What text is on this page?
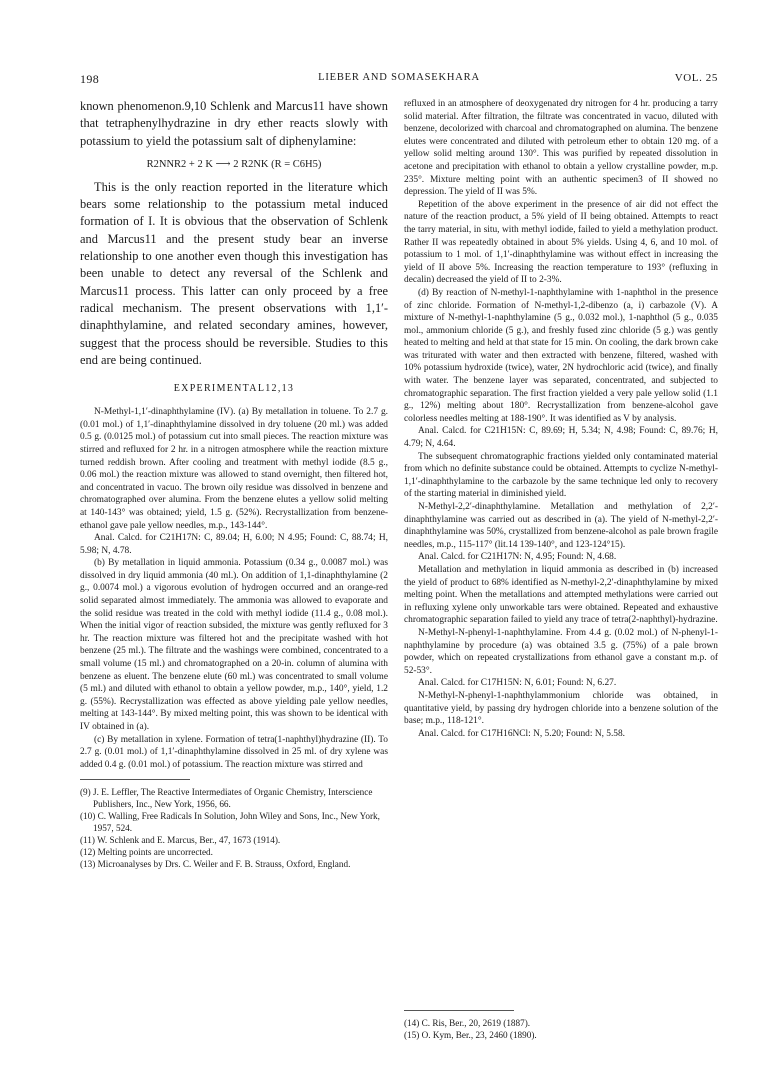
198	LIEBER AND SOMASEKHARA	VOL. 25

known phenomenon.9,10 Schlenk and Marcus11 have shown that tetraphenylhydrazine in dry ether reacts slowly with potassium to yield the potassium salt of diphenylamine:

R2NNR2 + 2 K ⟶ 2 R2NK (R = C6H5)

This is the only reaction reported in the literature which bears some relationship to the potassium metal induced formation of I. It is obvious that the observation of Schlenk and Marcus11 and the present study bear an inverse relationship to one another even though this investigation has been unable to detect any reversal of the Schlenk and Marcus11 process. This latter can only proceed by a free radical mechanism. The present observations with 1,1′-dinaphthylamine, and related secondary amines, however, suggest that the process should be reversible. Studies to this end are being continued.

EXPERIMENTAL12,13

N-Methyl-1,1′-dinaphthylamine (IV). (a) By metallation in toluene. To 2.7 g. (0.01 mol.) of 1,1′-dinaphthylamine dissolved in dry toluene (20 ml.) was added 0.5 g. (0.0125 mol.) of potassium cut into small pieces. The reaction mixture was stirred and refluxed for 2 hr. in a nitrogen atmosphere while the reaction mixture turned reddish brown. After cooling and treatment with methyl iodide (8.5 g., 0.06 mol.) the reaction mixture was allowed to stand overnight, then filtered hot, and concentrated in vacuo. The brown oily residue was dissolved in benzene and chromatographed over alumina. From the benzene elutes a yellow solid melting at 140-143° was obtained; yield, 1.5 g. (52%). Recrystallization from benzene-ethanol gave pale yellow needles, m.p., 143-144°.

Anal. Calcd. for C21H17N: C, 89.04; H, 6.00; N 4.95; Found: C, 88.74; H, 5.98; N, 4.78.

(b) By metallation in liquid ammonia. Potassium (0.34 g., 0.0087 mol.) was dissolved in dry liquid ammonia (40 ml.). On addition of 1,1-dinaphthylamine (2 g., 0.0074 mol.) a vigorous evolution of hydrogen occurred and an orange-red solid separated almost immediately. The ammonia was allowed to evaporate and the solid residue was treated in the cold with methyl iodide (11.4 g., 0.08 mol.). When the initial vigor of reaction subsided, the mixture was gently refluxed for 3 hr. The reaction mixture was filtered hot and the precipitate washed with hot benzene (25 ml.). The filtrate and the washings were combined, concentrated to a small volume (15 ml.) and chromatographed on a 20-in. column of alumina with benzene as eluent. The benzene elute (60 ml.) was concentrated to small volume (5 ml.) and diluted with ethanol to obtain a yellow powder, m.p., 140°, yield, 1.2 g. (55%). Recrystallization was effected as above yielding pale yellow needles, melting at 143-144°. By mixed melting point, this was shown to be identical with IV obtained in (a).

(c) By metallation in xylene. Formation of tetra(1-naphthyl)hydrazine (II). To 2.7 g. (0.01 mol.) of 1,1′-dinaphthylamine dissolved in 25 ml. of dry xylene was added 0.4 g. (0.01 mol.) of potassium. The reaction mixture was stirred and

(9) J. E. Leffler, The Reactive Intermediates of Organic Chemistry, Interscience Publishers, Inc., New York, 1956, 66.

(10) C. Walling, Free Radicals In Solution, John Wiley and Sons, Inc., New York, 1957, 524.

(11) W. Schlenk and E. Marcus, Ber., 47, 1673 (1914).

(12) Melting points are uncorrected.

(13) Microanalyses by Drs. C. Weiler and F. B. Strauss, Oxford, England.

refluxed in an atmosphere of deoxygenated dry nitrogen for 4 hr. producing a tarry solid material. After filtration, the filtrate was concentrated in vacuo, diluted with benzene, decolorized with charcoal and chromatographed on alumina. The benzene elutes were concentrated and diluted with petroleum ether to obtain 120 mg. of a yellow solid melting around 130°. This was purified by repeated dissolution in acetone and precipitation with ethanol to obtain a yellow crystalline powder, m.p. 235°. Mixture melting point with an authentic specimen3 of II showed no depression. The yield of II was 5%.

Repetition of the above experiment in the presence of air did not effect the nature of the reaction product, a 5% yield of II being obtained. Attempts to react the tarry material, in situ, with methyl iodide, failed to yield a methylation product. Rather II was repeatedly obtained in about 5% yields. Using 4, 6, and 10 mol. of potassium to 1 mol. of 1,1′-dinaphthylamine was without effect in increasing the yield of II above 5%. Increasing the reaction temperature to 193° (refluxing in decalin) decreased the yield of II to 2-3%.

(d) By reaction of N-methyl-1-naphthylamine with 1-naphthol in the presence of zinc chloride. Formation of N-methyl-1,2-dibenzo (a, i) carbazole (V). A mixture of N-methyl-1-naphthylamine (5 g., 0.032 mol.), 1-naphthol (5 g., 0.035 mol., ammonium chloride (5 g.), and freshly fused zinc chloride (5 g.) was gently heated to melting and held at that state for 15 min. On cooling, the dark brown cake was triturated with water and then extracted with benzene, filtered, washed with 10% potassium hydroxide (twice), water, 2N hydrochloric acid (twice), and finally with water. The benzene layer was separated, concentrated, and subjected to chromatographic separation. The first fraction yielded a very pale yellow solid (1.1 g., 12%) melting about 180°. Recrystallization from benzene-alcohol gave colorless needles melting at 188-190°. It was identified as V by analysis.

Anal. Calcd. for C21H15N: C, 89.69; H, 5.34; N, 4.98; Found: C, 89.76; H, 4.79; N, 4.64.

The subsequent chromatographic fractions yielded only contaminated material from which no definite substance could be obtained. Attempts to cyclize N-methyl-1,1′-dinaphthylamine to the carbazole by the same technique led only to recovery of the starting material in diminished yield.

N-Methyl-2,2′-dinaphthylamine. Metallation and methylation of 2,2′-dinaphthylamine was carried out as described in (a). The yield of N-methyl-2,2′-dinaphthylamine was 50%, crystallized from benzene-alcohol as pale brown fragile needles, m.p., 115-117° (lit.14 139-140°, and 123-124°15).

Anal. Calcd. for C21H17N: N, 4.95; Found: N, 4.68.

Metallation and methylation in liquid ammonia as described in (b) increased the yield of product to 68% identified as N-methyl-2,2′-dinaphthylamine by mixed melting point. When the metallations and attempted methylations were carried out in refluxing xylene only unworkable tars were obtained. Repeated and exhaustive chromatographic separation failed to yield any trace of tetra(2-naphthyl)-hydrazine.

N-Methyl-N-phenyl-1-naphthylamine. From 4.4 g. (0.02 mol.) of N-phenyl-1-naphthylamine by procedure (a) was obtained 3.5 g. (75%) of a pale brown powder, which on repeated crystallizations from ethanol gave a constant m.p. of 52-53°.

Anal. Calcd. for C17H15N: N, 6.01; Found: N, 6.27.

N-Methyl-N-phenyl-1-naphthylammonium chloride was obtained, in quantitative yield, by passing dry hydrogen chloride into a benzene solution of the base; m.p., 118-121°.

Anal. Calcd. for C17H16NCl: N, 5.20; Found: N, 5.58.

(14) C. Ris, Ber., 20, 2619 (1887).

(15) O. Kym, Ber., 23, 2460 (1890).
